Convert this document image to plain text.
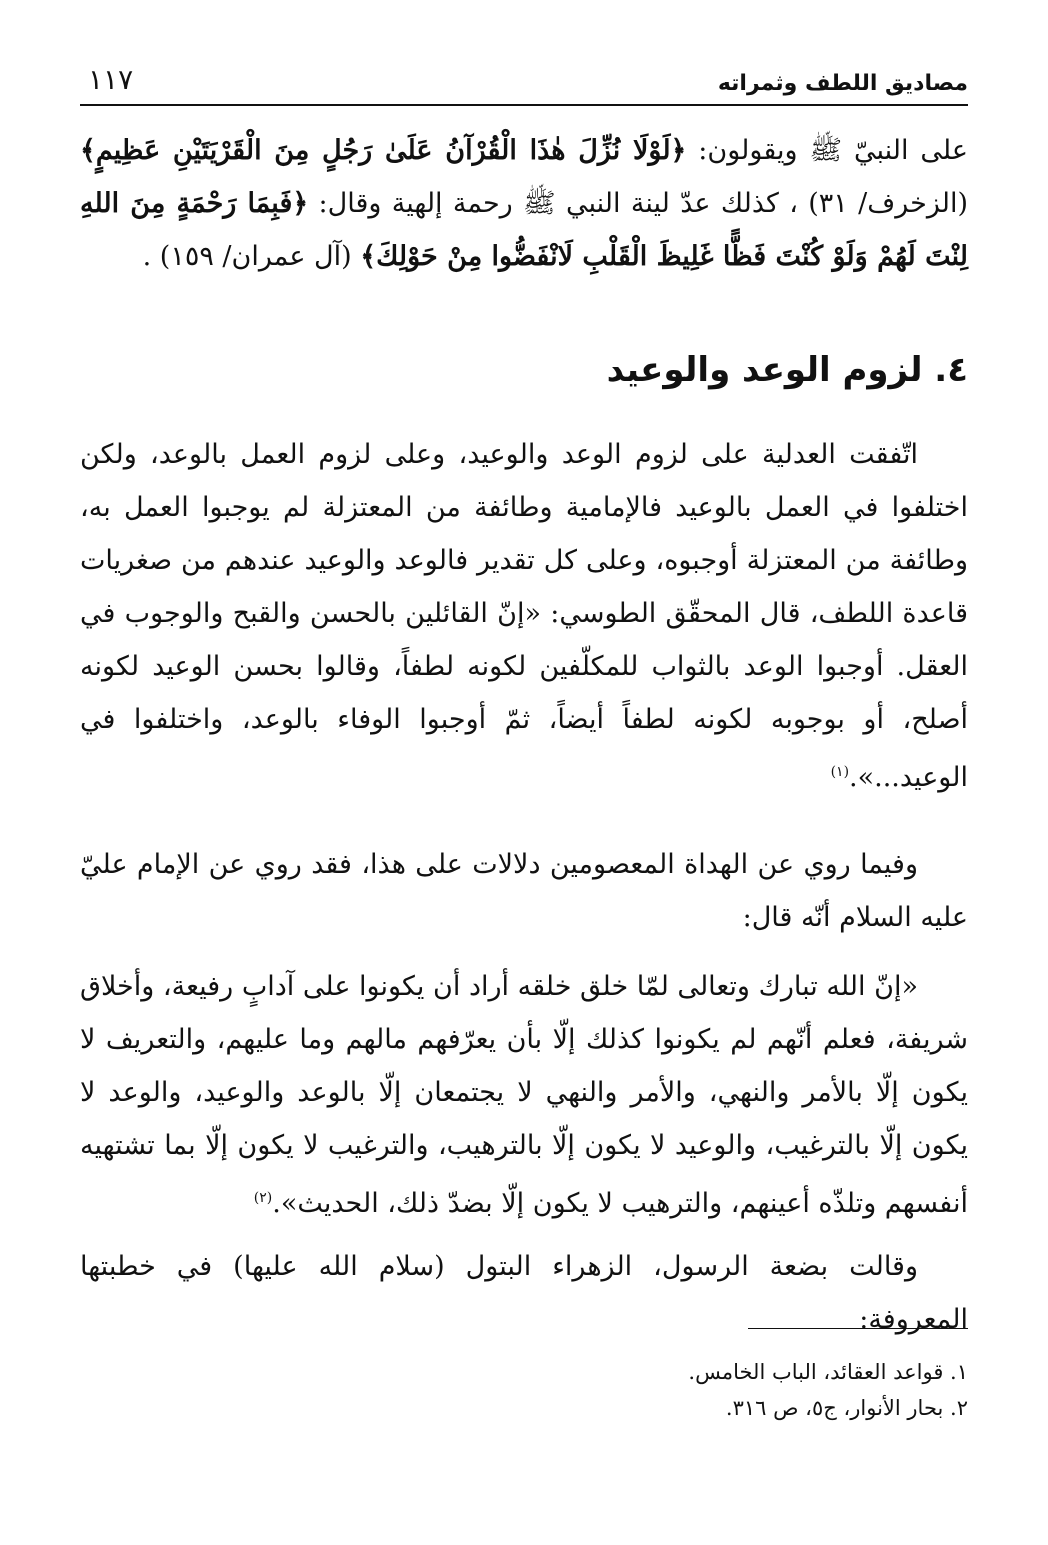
١١٧	مصاديق اللطف وثمراته

على النبيّ ﷺ ويقولون: ﴿لَوْلَا نُزِّلَ هٰذَا الْقُرْآنُ عَلَىٰ رَجُلٍ مِنَ الْقَرْيَتَيْنِ عَظِيمٍ﴾ (الزخرف/ ٣١) ، كذلك عدّ لينة النبي ﷺ رحمة إلهية وقال: ﴿فَبِمَا رَحْمَةٍ مِنَ اللهِ لِنْتَ لَهُمْ وَلَوْ كُنْتَ فَظًّا غَلِيظَ الْقَلْبِ لَانْفَضُّوا مِنْ حَوْلِكَ﴾ (آل عمران/ ١٥٩) .

٤. لزوم الوعد والوعيد

اتّفقت العدلية على لزوم الوعد والوعيد، وعلى لزوم العمل بالوعد، ولكن اختلفوا في العمل بالوعيد فالإمامية وطائفة من المعتزلة لم يوجبوا العمل به، وطائفة من المعتزلة أوجبوه، وعلى كل تقدير فالوعد والوعيد عندهم من صغريات قاعدة اللطف، قال المحقّق الطوسي: «إنّ القائلين بالحسن والقبح والوجوب في العقل. أوجبوا الوعد بالثواب للمكلّفين لكونه لطفاً، وقالوا بحسن الوعيد لكونه أصلح، أو بوجوبه لكونه لطفاً أيضاً، ثمّ أوجبوا الوفاء بالوعد، واختلفوا في الوعيد...».$^{(١)}$

وفيما روي عن الهداة المعصومين دلالات على هذا، فقد روي عن الإمام عليّ عليه السلام أنّه قال:

«إنّ الله تبارك وتعالى لمّا خلق خلقه أراد أن يكونوا على آدابٍ رفيعة، وأخلاق شريفة، فعلم أنّهم لم يكونوا كذلك إلّا بأن يعرّفهم مالهم وما عليهم، والتعريف لا يكون إلّا بالأمر والنهي، والأمر والنهي لا يجتمعان إلّا بالوعد والوعيد، والوعد لا يكون إلّا بالترغيب، والوعيد لا يكون إلّا بالترهيب، والترغيب لا يكون إلّا بما تشتهيه أنفسهم وتلذّه أعينهم، والترهيب لا يكون إلّا بضدّ ذلك، الحديث».$^{(٢)}$

وقالت بضعة الرسول، الزهراء البتول (سلام الله عليها) في خطبتها المعروفة:

١. قواعد العقائد، الباب الخامس.
٢. بحار الأنوار، ج٥، ص ٣١٦.
